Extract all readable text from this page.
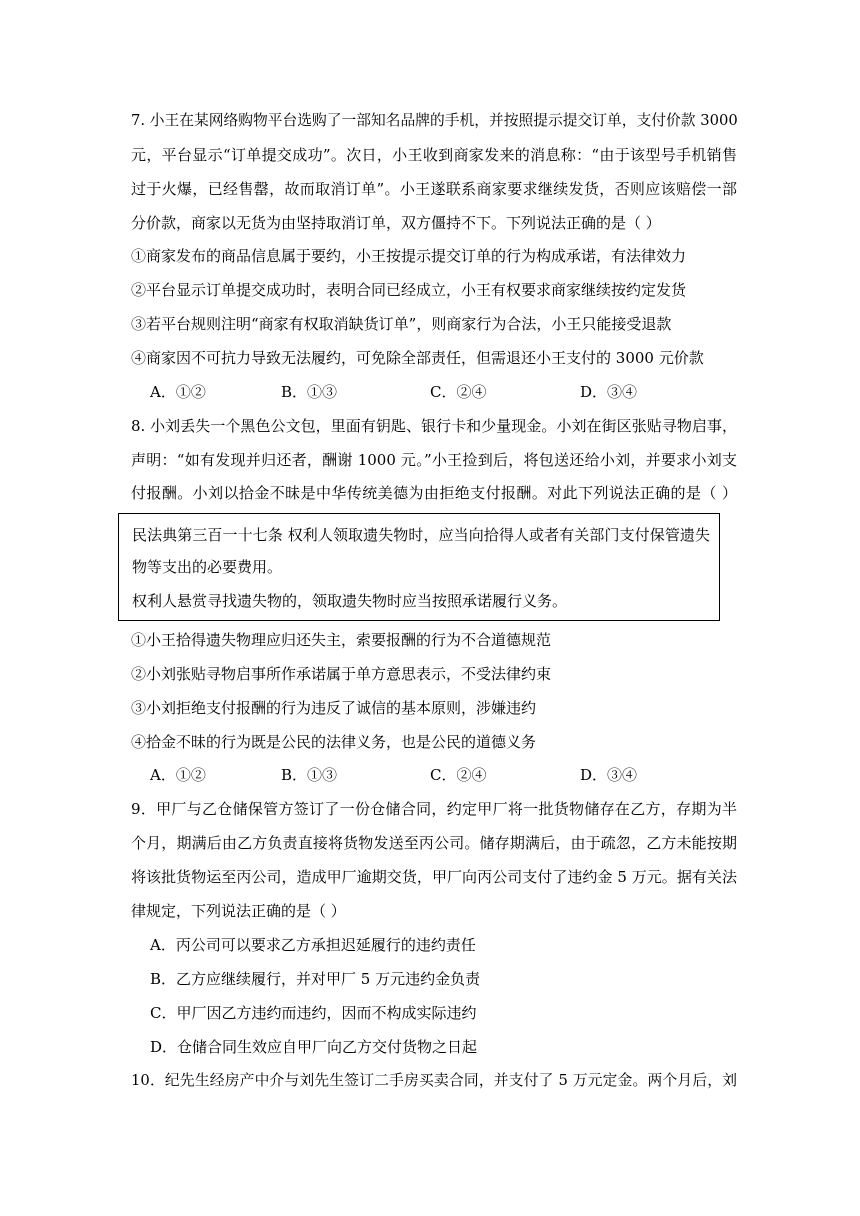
7. 小王在某网络购物平台选购了一部知名品牌的手机，并按照提示提交订单，支付价款 3000
元，平台显示“订单提交成功”。次日，小王收到商家发来的消息称：“由于该型号手机销售
过于火爆，已经售罄，故而取消订单”。小王遂联系商家要求继续发货，否则应该赔偿一部
分价款，商家以无货为由坚持取消订单，双方僵持不下。下列说法正确的是（ ）
①商家发布的商品信息属于要约，小王按提示提交订单的行为构成承诺，有法律效力
②平台显示订单提交成功时，表明合同已经成立，小王有权要求商家继续按约定发货
③若平台规则注明“商家有权取消缺货订单”，则商家行为合法，小王只能接受退款
④商家因不可抗力导致无法履约，可免除全部责任，但需退还小王支付的 3000 元价款
A．①②	B．①③	C．②④	D．③④
8. 小刘丢失一个黑色公文包，里面有钥匙、银行卡和少量现金。小刘在街区张贴寻物启事，
声明：“如有发现并归还者，酬谢 1000 元。”小王捡到后，将包送还给小刘，并要求小刘支
付报酬。小刘以拾金不昧是中华传统美德为由拒绝支付报酬。对此下列说法正确的是（ ）
民法典第三百一十七条 权利人领取遗失物时，应当向拾得人或者有关部门支付保管遗失
物等支出的必要费用。
权利人悬赏寻找遗失物的，领取遗失物时应当按照承诺履行义务。
①小王拾得遗失物理应归还失主，索要报酬的行为不合道德规范
②小刘张贴寻物启事所作承诺属于单方意思表示，不受法律约束
③小刘拒绝支付报酬的行为违反了诚信的基本原则，涉嫌违约
④拾金不昧的行为既是公民的法律义务，也是公民的道德义务
A．①②	B．①③	C．②④	D．③④
9．甲厂与乙仓储保管方签订了一份仓储合同，约定甲厂将一批货物储存在乙方，存期为半
个月，期满后由乙方负责直接将货物发送至丙公司。储存期满后，由于疏忽，乙方未能按期
将该批货物运至丙公司，造成甲厂逾期交货，甲厂向丙公司支付了违约金 5 万元。据有关法
律规定，下列说法正确的是（ ）
A．丙公司可以要求乙方承担迟延履行的违约责任
B．乙方应继续履行，并对甲厂 5 万元违约金负责
C．甲厂因乙方违约而违约，因而不构成实际违约
D．仓储合同生效应自甲厂向乙方交付货物之日起
10．纪先生经房产中介与刘先生签订二手房买卖合同，并支付了 5 万元定金。两个月后，刘
